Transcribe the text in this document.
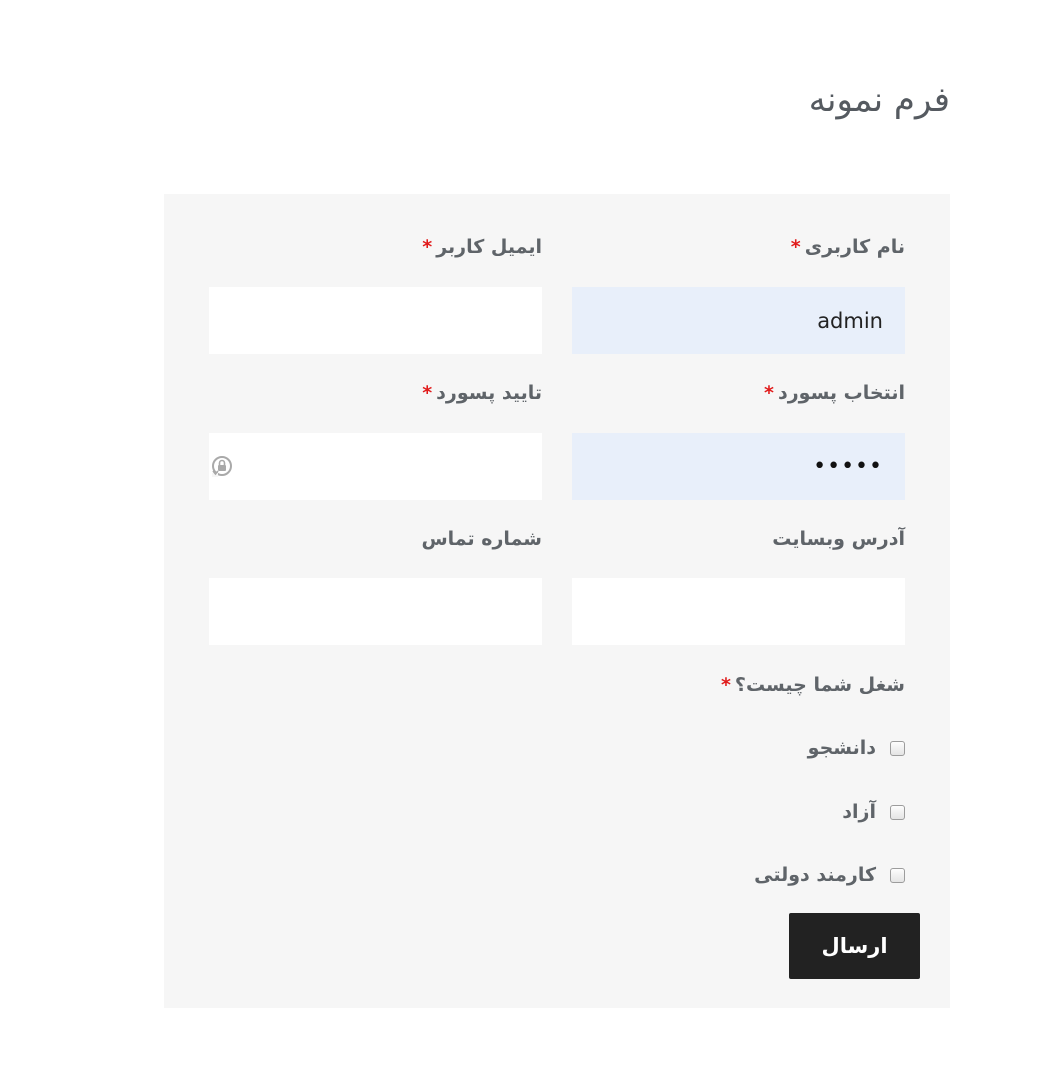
فرم نمونه
نام کاربری*
ایمیل کاربر*
admin
انتخاب پسورد*
تایید پسورد*
•••••
آدرس وبسایت
شماره تماس
شغل شما چیست؟*
دانشجو
آزاد
کارمند دولتی
ارسال
